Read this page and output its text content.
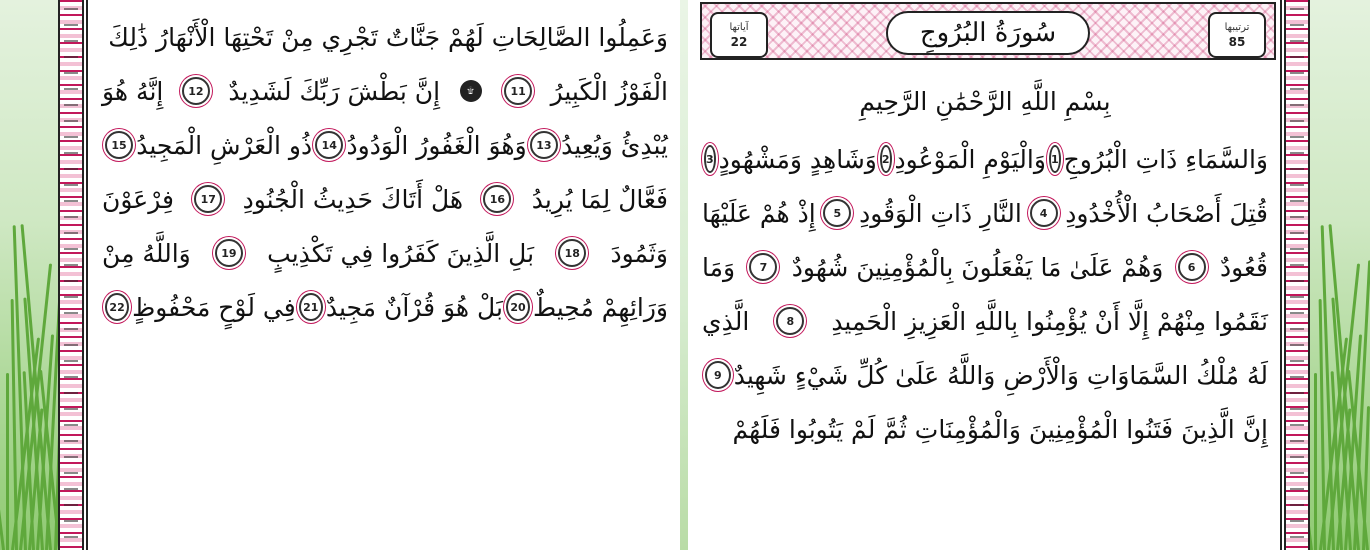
وَعَمِلُوا الصَّالِحَاتِ لَهُمْ جَنَّاتٌ تَجْرِي مِنْ تَحْتِهَا الْأَنْهَارُ ذَٰلِكَ
الْفَوْزُ الْكَبِيرُ
11
۩
إِنَّ بَطْشَ رَبِّكَ لَشَدِيدٌ
12
إِنَّهُ هُوَ
يُبْدِئُ وَيُعِيدُ
13
وَهُوَ الْغَفُورُ الْوَدُودُ
14
ذُو الْعَرْشِ الْمَجِيدُ
15
فَعَّالٌ لِمَا يُرِيدُ
16
هَلْ أَتَاكَ حَدِيثُ الْجُنُودِ
17
فِرْعَوْنَ
وَثَمُودَ
18
بَلِ الَّذِينَ كَفَرُوا فِي تَكْذِيبٍ
19
وَاللَّهُ مِنْ
وَرَائِهِمْ مُحِيطٌ
20
بَلْ هُوَ قُرْآنٌ مَجِيدٌ
21
فِي لَوْحٍ مَحْفُوظٍ
22
ترتيبها
85
سُورَةُ البُرُوجِ
آياتها
22
بِسْمِ اللَّهِ الرَّحْمَٰنِ الرَّحِيمِ
وَالسَّمَاءِ ذَاتِ الْبُرُوجِ
1
وَالْيَوْمِ الْمَوْعُودِ
2
وَشَاهِدٍ وَمَشْهُودٍ
3
قُتِلَ أَصْحَابُ الْأُخْدُودِ
4
النَّارِ ذَاتِ الْوَقُودِ
5
إِذْ هُمْ عَلَيْهَا
قُعُودٌ
6
وَهُمْ عَلَىٰ مَا يَفْعَلُونَ بِالْمُؤْمِنِينَ شُهُودٌ
7
وَمَا
نَقَمُوا مِنْهُمْ إِلَّا أَنْ يُؤْمِنُوا بِاللَّهِ الْعَزِيزِ الْحَمِيدِ
8
الَّذِي
لَهُ مُلْكُ السَّمَاوَاتِ وَالْأَرْضِ وَاللَّهُ عَلَىٰ كُلِّ شَيْءٍ شَهِيدٌ
9
إِنَّ الَّذِينَ فَتَنُوا الْمُؤْمِنِينَ وَالْمُؤْمِنَاتِ ثُمَّ لَمْ يَتُوبُوا فَلَهُمْ
